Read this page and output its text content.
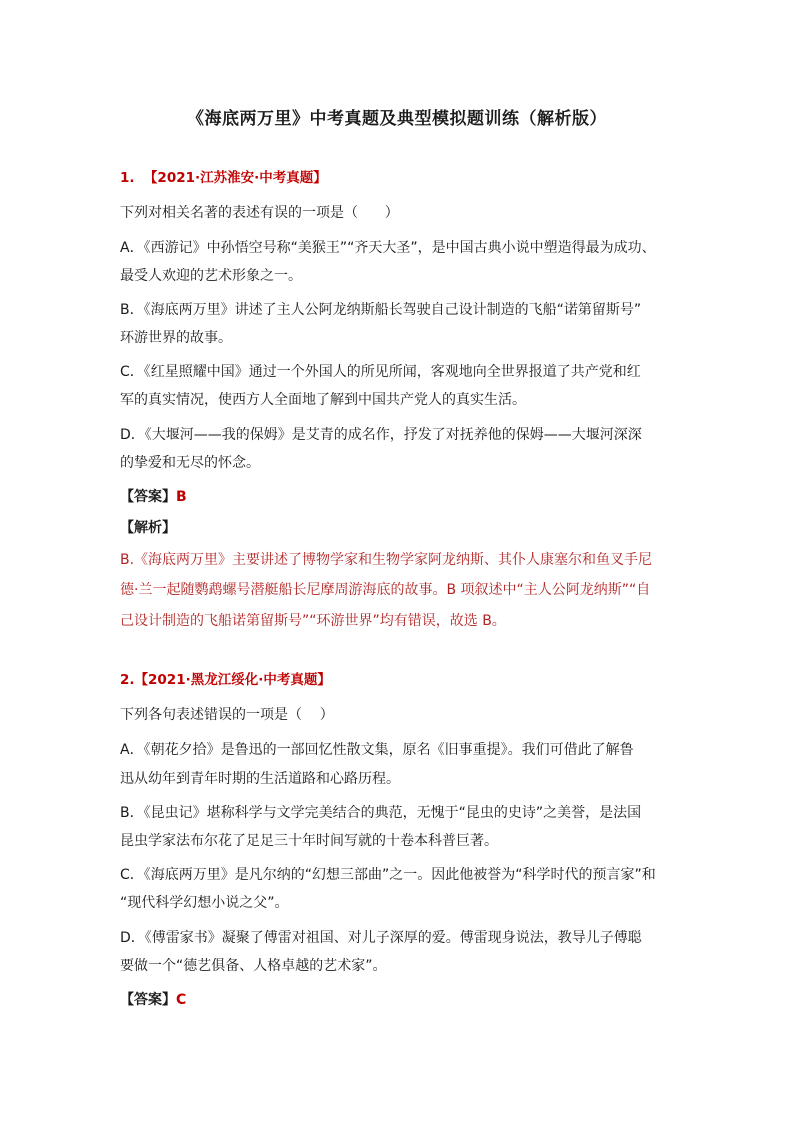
《海底两万里》中考真题及典型模拟题训练（解析版）
1.  【2021·江苏淮安·中考真题】
下列对相关名著的表述有误的一项是（      ）
A．《西游记》中孙悟空号称“美猴王”“齐天大圣”，是中国古典小说中塑造得最为成功、
最受人欢迎的艺术形象之一。
B．《海底两万里》讲述了主人公阿龙纳斯船长驾驶自己设计制造的飞船“诺第留斯号”
环游世界的故事。
C．《红星照耀中国》通过一个外国人的所见所闻，客观地向全世界报道了共产党和红
军的真实情况，使西方人全面地了解到中国共产党人的真实生活。
D．《大堰河——我的保姆》是艾青的成名作，抒发了对抚养他的保姆——大堰河深深
的挚爱和无尽的怀念。
【答案】B
【解析】
B.《海底两万里》主要讲述了博物学家和生物学家阿龙纳斯、其仆人康塞尔和鱼叉手尼
德·兰一起随鹦鹉螺号潜艇船长尼摩周游海底的故事。B 项叙述中“主人公阿龙纳斯”“自
己设计制造的飞船诺第留斯号”“环游世界”均有错误，故选 B。
2.【2021·黑龙江绥化·中考真题】
下列各句表述错误的一项是（    ）
A．《朝花夕拾》是鲁迅的一部回忆性散文集，原名《旧事重提》。我们可借此了解鲁
迅从幼年到青年时期的生活道路和心路历程。
B．《昆虫记》堪称科学与文学完美结合的典范，无愧于“昆虫的史诗”之美誉，是法国
昆虫学家法布尔花了足足三十年时间写就的十卷本科普巨著。
C．《海底两万里》是凡尔纳的“幻想三部曲”之一。因此他被誉为“科学时代的预言家”和
“现代科学幻想小说之父”。
D．《傅雷家书》凝聚了傅雷对祖国、对儿子深厚的爱。傅雷现身说法，教导儿子傅聪
要做一个“德艺俱备、人格卓越的艺术家”。
【答案】C
